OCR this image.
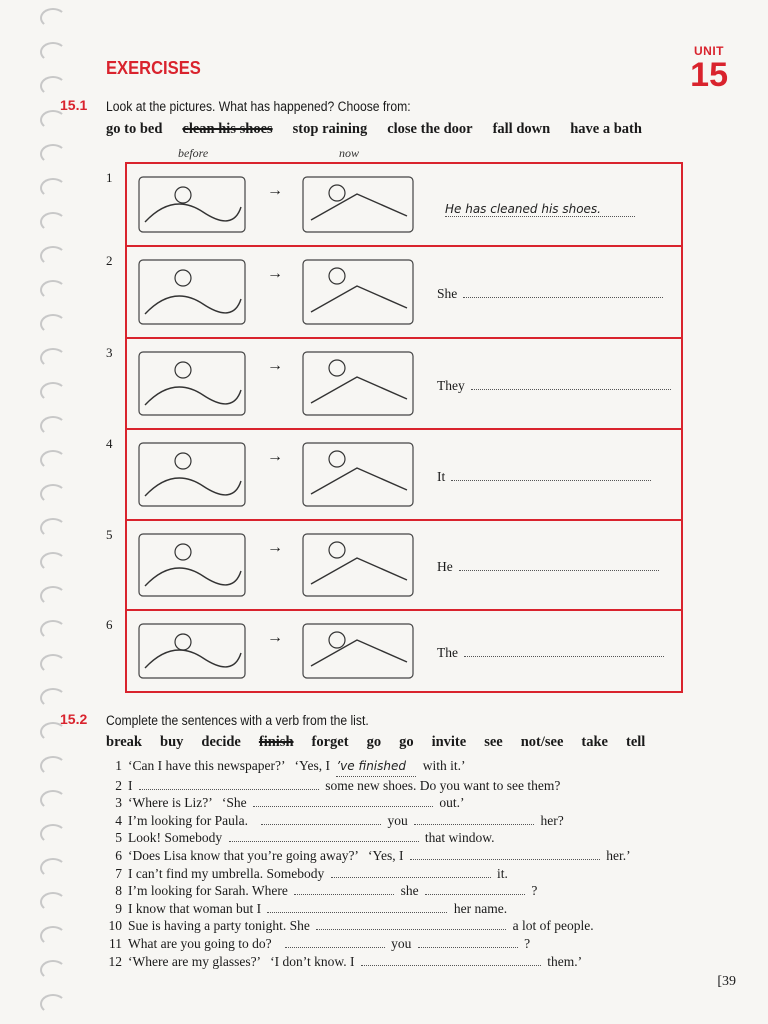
UNIT
15
EXERCISES
15.1 Look at the pictures. What has happened? Choose from:
go to bed clean his shoes stop raining close the door fall down have a bath
before	now
→
He has cleaned his shoes.
→
She
→
They
→
It
→
He
→
The
15.2 Complete the sentences with a verb from the list.
break buy decide finish forget go go invite see not/see take tell
1 ‘Can I have this newspaper?’   ‘Yes, I ’ve finished with it.’
2 I	some new shoes. Do you want to see them?
3 ‘Where is Liz?’   ‘She	out.’
4 I’m looking for Paula.	you	her?
5 Look! Somebody	that window.
6 ‘Does Lisa know that you’re going away?’   ‘Yes, I	her.’
7 I can’t find my umbrella. Somebody	it.
8 I’m looking for Sarah. Where	she	?
9 I know that woman but I	her name.
10 Sue is having a party tonight. She	a lot of people.
11 What are you going to do?	you	?
12 ‘Where are my glasses?’   ‘I don’t know. I	them.’
[39
1
2
3
4
5
6
